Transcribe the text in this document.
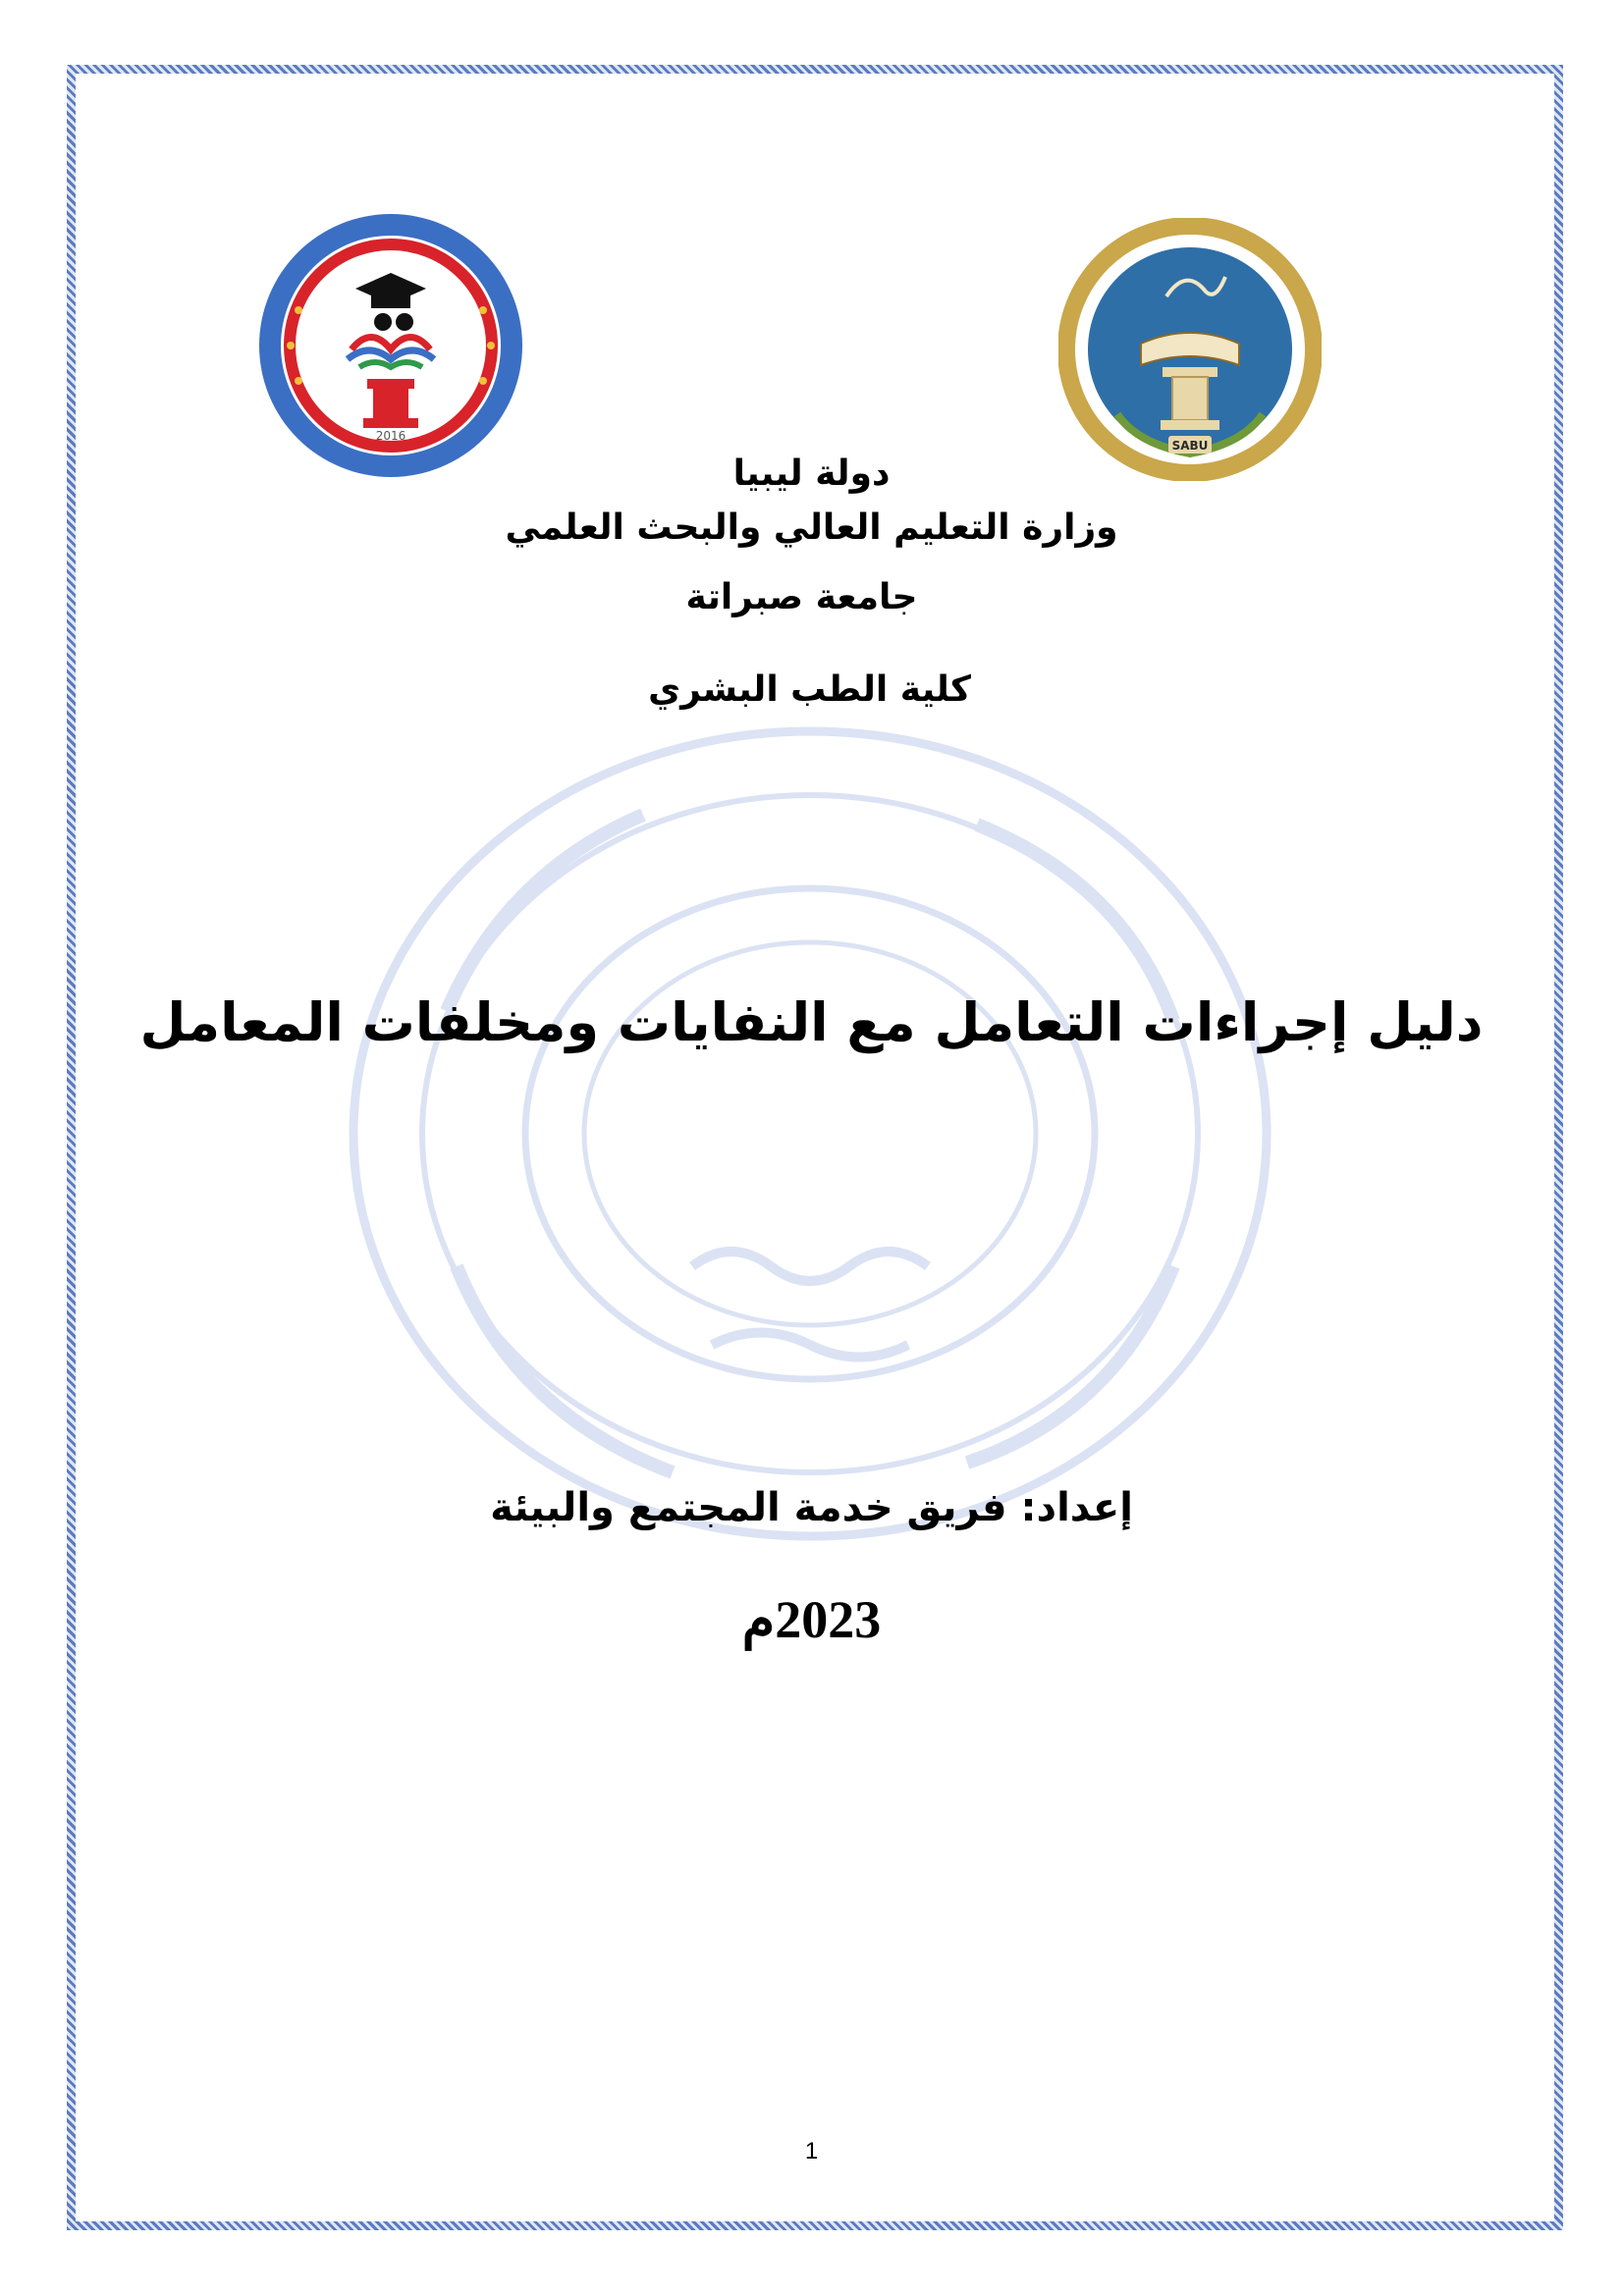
2016
SABU
دولة ليبيا
وزارة التعليم العالي والبحث العلمي
جامعة صبراتة
كلية الطب البشري
دليل إجراءات التعامل مع النفايات ومخلفات المعامل
إعداد: فريق خدمة المجتمع والبيئة
2023م
1
